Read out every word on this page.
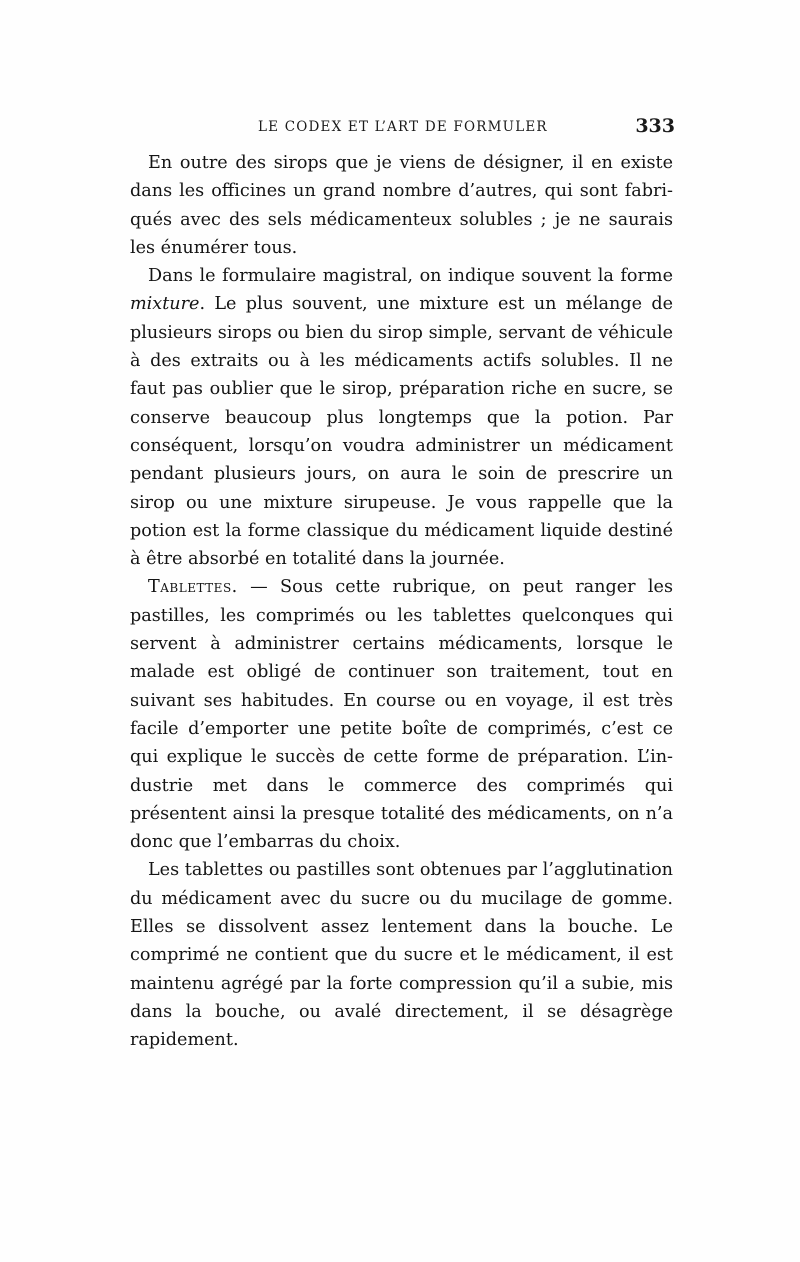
LE CODEX ET L’ART DE FORMULER	333

En outre des sirops que je viens de désigner, il en existe dans les officines un grand nombre d’autres, qui sont fabriqués avec des sels médicamenteux solubles ; je ne saurais les énumérer tous.

Dans le formulaire magistral, on indique souvent la forme mixture. Le plus souvent, une mixture est un mélange de plusieurs sirops ou bien du sirop simple, servant de véhicule à des extraits ou à les médicaments actifs solubles. Il ne faut pas oublier que le sirop, préparation riche en sucre, se conserve beaucoup plus longtemps que la potion. Par conséquent, lorsqu’on voudra administrer un médicament pendant plusieurs jours, on aura le soin de prescrire un sirop ou une mixture sirupeuse. Je vous rappelle que la potion est la forme classique du médicament liquide destiné à être absorbé en totalité dans la journée.

Tablettes. — Sous cette rubrique, on peut ranger les pastilles, les comprimés ou les tablettes quelconques qui servent à administrer certains médicaments, lorsque le malade est obligé de continuer son traitement, tout en suivant ses habitudes. En course ou en voyage, il est très facile d’emporter une petite boîte de comprimés, c’est ce qui explique le succès de cette forme de préparation. L’industrie met dans le commerce des comprimés qui présentent ainsi la presque totalité des médicaments, on n’a donc que l’embarras du choix.

Les tablettes ou pastilles sont obtenues par l’agglutination du médicament avec du sucre ou du mucilage de gomme. Elles se dissolvent assez lentement dans la bouche. Le comprimé ne contient que du sucre et le médicament, il est maintenu agrégé par la forte compression qu’il a subie, mis dans la bouche, ou avalé directement, il se désagrège rapidement.
